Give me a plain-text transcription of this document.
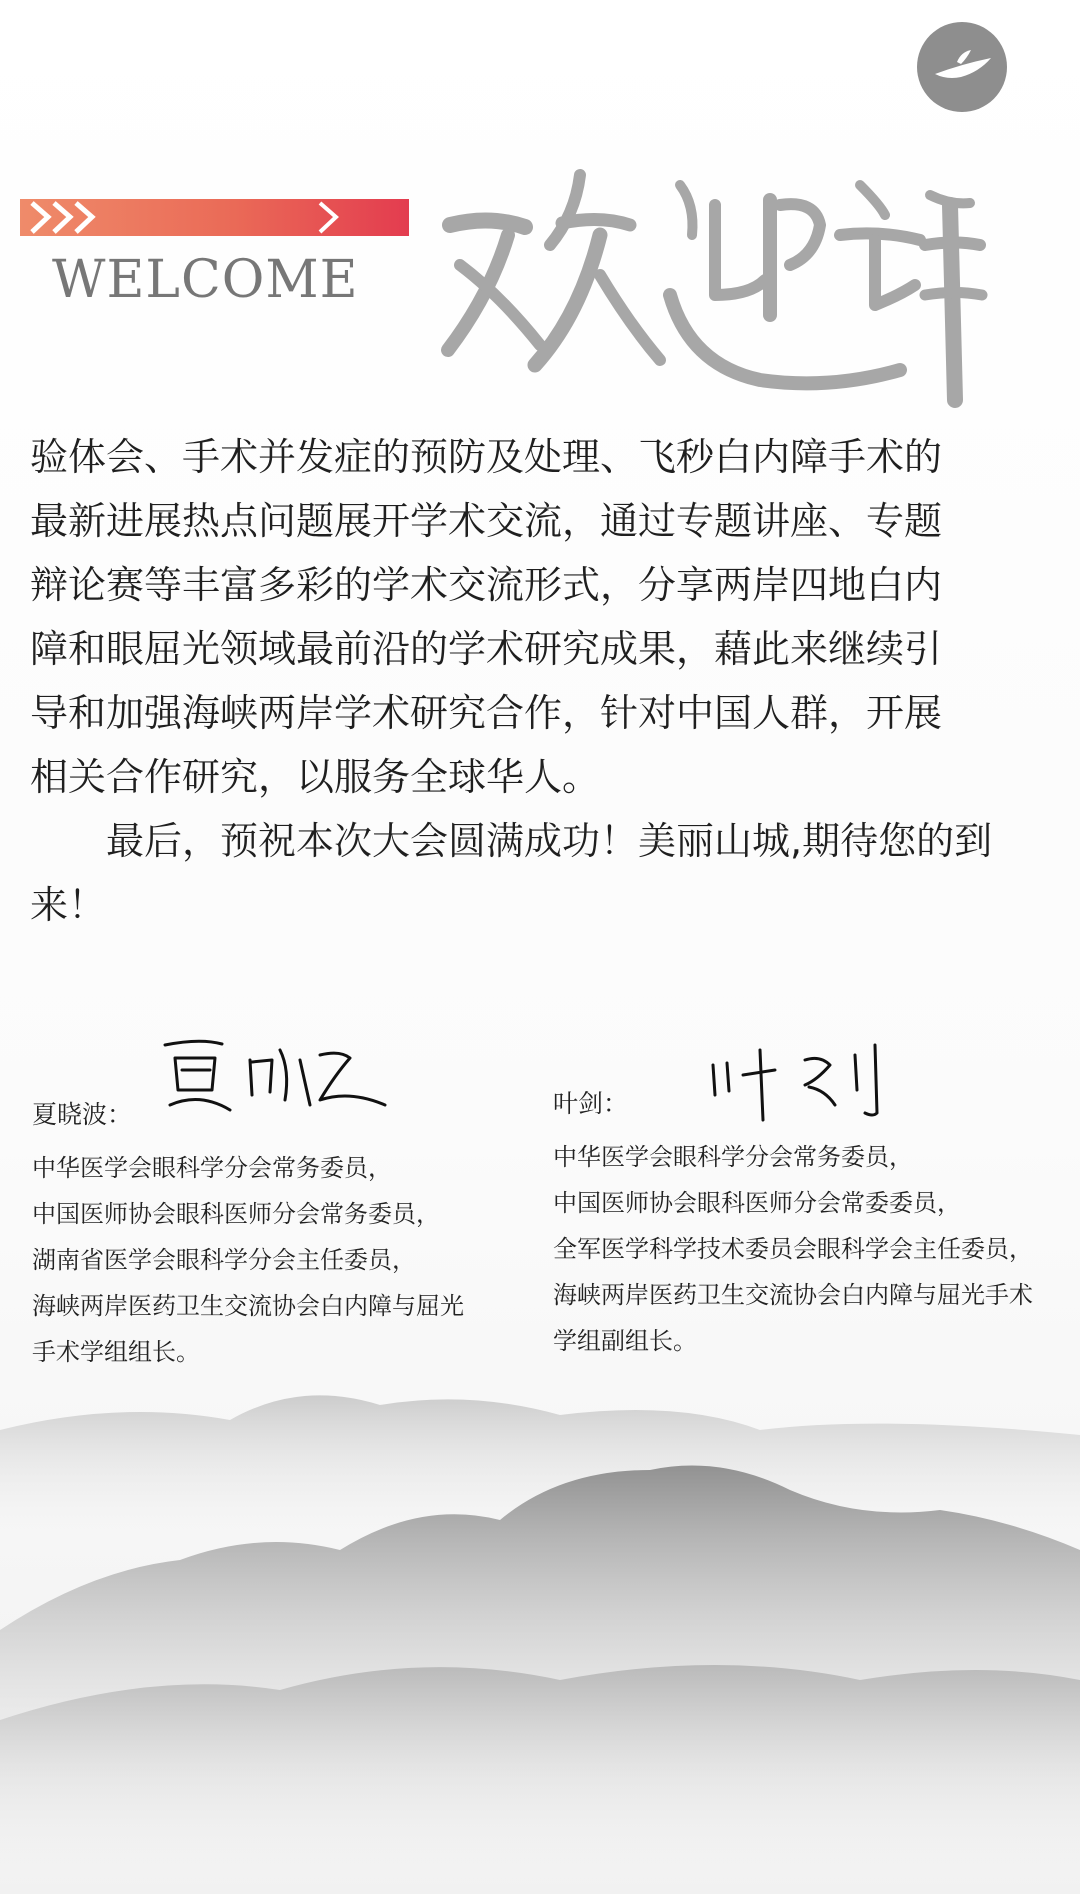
WELCOME

验体会、手术并发症的预防及处理、飞秒白内障手术的

最新进展热点问题展开学术交流，通过专题讲座、专题

辩论赛等丰富多彩的学术交流形式，分享两岸四地白内

障和眼屈光领域最前沿的学术研究成果，藉此来继续引

导和加强海峡两岸学术研究合作，针对中国人群，开展

相关合作研究，以服务全球华人。

最后，预祝本次大会圆满成功！美丽山城,期待您的到来！

夏晓波：
中华医学会眼科学分会常务委员，
中国医师协会眼科医师分会常务委员，
湖南省医学会眼科学分会主任委员，
海峡两岸医药卫生交流协会白内障与屈光
手术学组组长。
叶剑：
中华医学会眼科学分会常务委员，
中国医师协会眼科医师分会常委委员，
全军医学科学技术委员会眼科学会主任委员，
海峡两岸医药卫生交流协会白内障与屈光手术
学组副组长。
